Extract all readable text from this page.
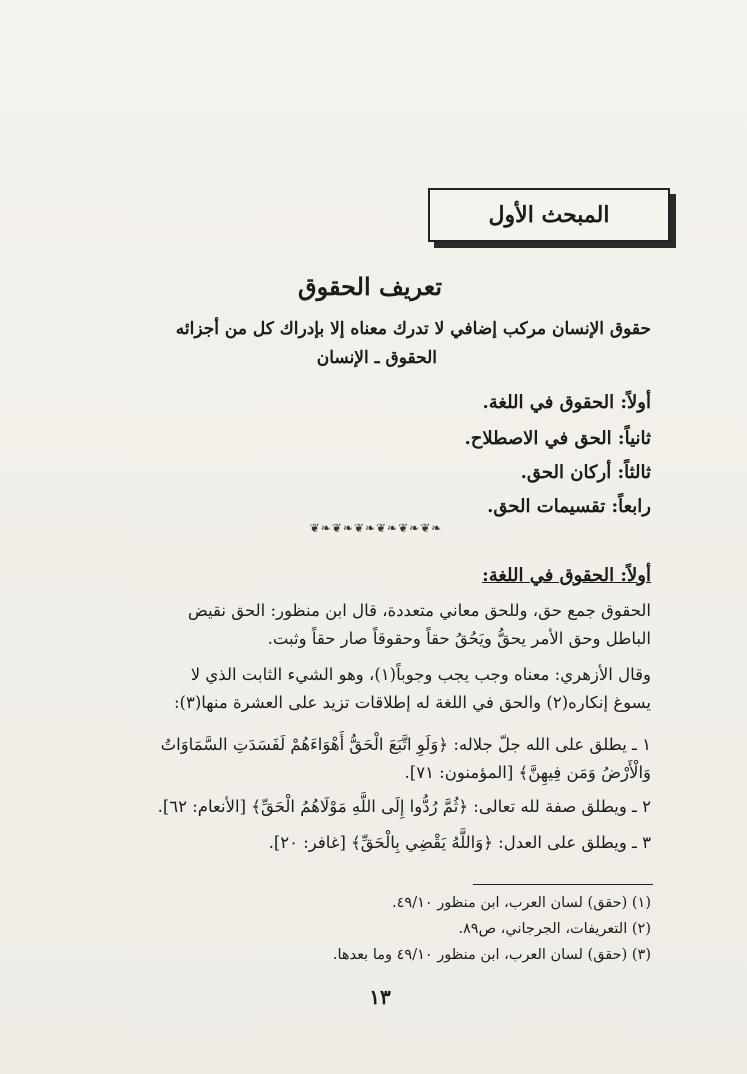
المبحث الأول
تعريف الحقوق
حقوق الإنسان مركب إضافي لا تدرك معناه إلا بإدراك كل من أجزائه
الحقوق ـ الإنسان
أولاً: الحقوق في اللغة.
ثانياً: الحق في الاصطلاح.
ثالثاً: أركان الحق.
رابعاً: تقسيمات الحق.
❦❧❦❧❦❧❦❧❦❧❦❧
أولاً: الحقوق في اللغة:
الحقوق جمع حق، وللحق معاني متعددة، قال ابن منظور: الحق نقيض
الباطل وحق الأمر يحقُّ ويَحُقُ حقاً وحقوقاً صار حقاً وثبت.
وقال الأزهري: معناه وجب يجب وجوباً(١)، وهو الشيء الثابت الذي لا
يسوغ إنكاره(٢) والحق في اللغة له إطلاقات تزيد على العشرة منها(٣):
١ ـ يطلق على الله جلّ جلاله: ﴿وَلَوِ اتَّبَعَ الْحَقُّ أَهْوَاءَهُمْ لَفَسَدَتِ السَّمَاوَاتُ
وَالْأَرْضُ وَمَن فِيهِنَّ﴾ [المؤمنون: ٧١].
٢ ـ ويطلق صفة لله تعالى: ﴿ثُمَّ رُدُّوا إِلَى اللَّهِ مَوْلَاهُمُ الْحَقِّ﴾ [الأنعام: ٦٢].
٣ ـ ويطلق على العدل: ﴿وَاللَّهُ يَقْضِي بِالْحَقِّ﴾ [غافر: ٢٠].
(١) (حقق) لسان العرب، ابن منظور ٤٩/١٠.
(٢) التعريفات، الجرجاني، ص٨٩.
(٣) (حقق) لسان العرب، ابن منظور ٤٩/١٠ وما بعدها.
١٣
